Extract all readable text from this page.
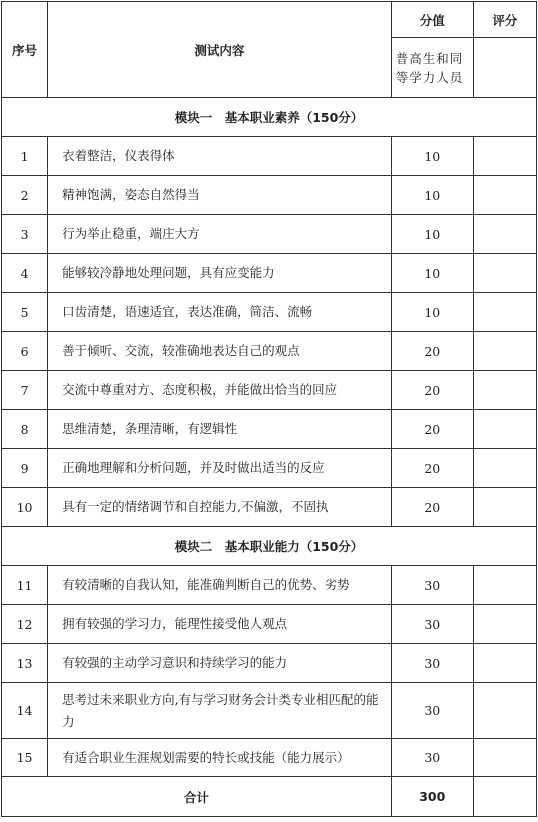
序号	测试内容	分值	评分
		普高生和同等学力人员	
模块一　基本职业素养（150分）			
1	衣着整洁，仪表得体	10	
2	精神饱满，姿态自然得当	10	
3	行为举止稳重，端庄大方	10	
4	能够较冷静地处理问题，具有应变能力	10	
5	口齿清楚，语速适宜，表达准确，简洁、流畅	10	
6	善于倾听、交流，较准确地表达自己的观点	20	
7	交流中尊重对方、态度积极，并能做出恰当的回应	20	
8	思维清楚，条理清晰，有逻辑性	20	
9	正确地理解和分析问题，并及时做出适当的反应	20	
10	具有一定的情绪调节和自控能力,不偏激，不固执	20	
模块二　基本职业能力（150分）			
11	有较清晰的自我认知，能准确判断自己的优势、劣势	30	
12	拥有较强的学习力，能理性接受他人观点	30	
13	有较强的主动学习意识和持续学习的能力	30	
14	思考过未来职业方向,有与学习财务会计类专业相匹配的能力	30	
15	有适合职业生涯规划需要的特长或技能（能力展示）	30	
合计		300	
